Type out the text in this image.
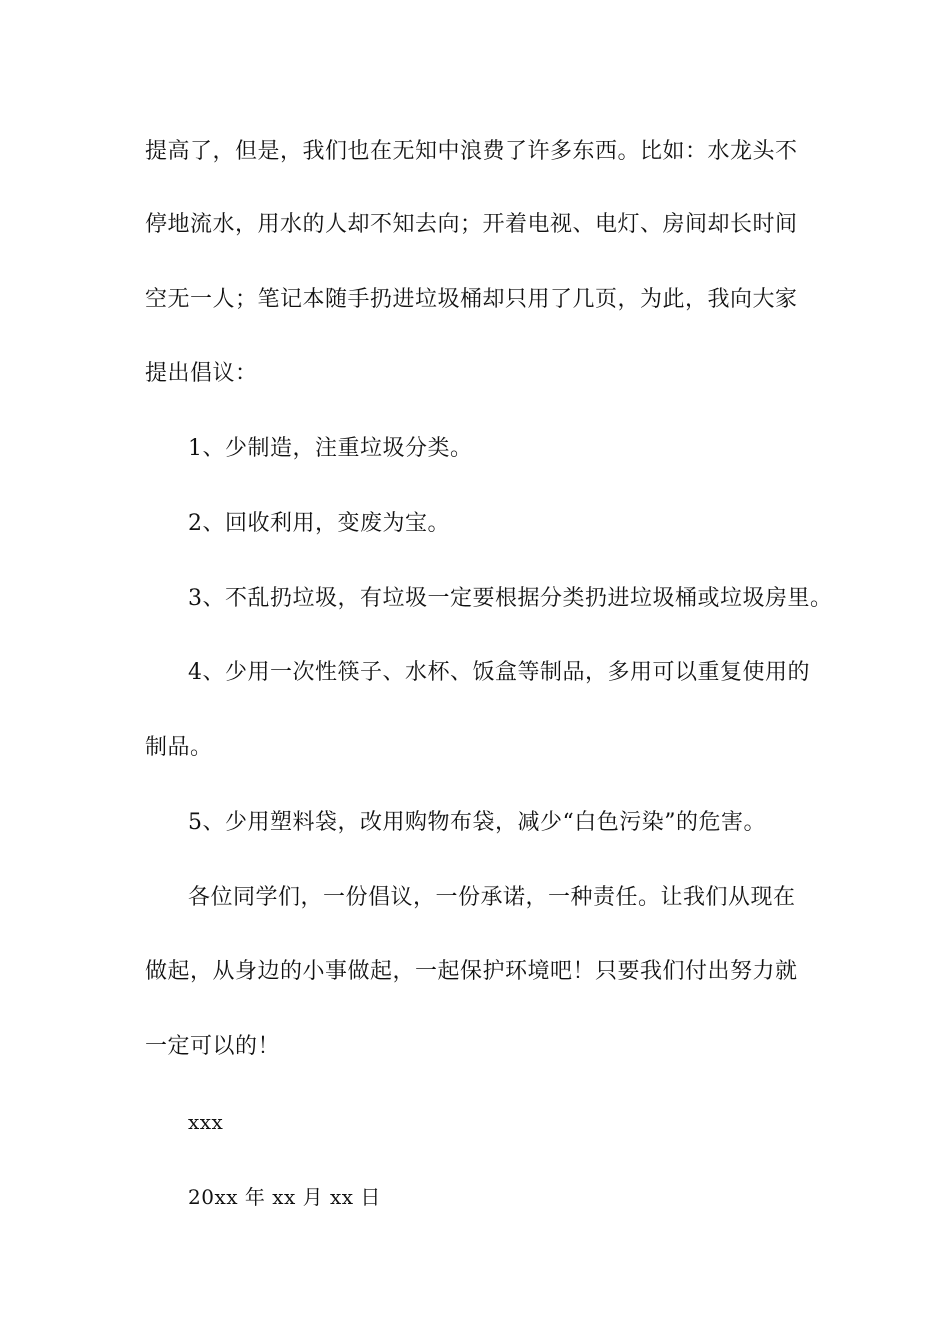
提高了，但是，我们也在无知中浪费了许多东西。比如：水龙头不
停地流水，用水的人却不知去向；开着电视、电灯、房间却长时间
空无一人；笔记本随手扔进垃圾桶却只用了几页，为此，我向大家
提出倡议：
1、少制造，注重垃圾分类。
2、回收利用，变废为宝。
3、不乱扔垃圾，有垃圾一定要根据分类扔进垃圾桶或垃圾房里。
4、少用一次性筷子、水杯、饭盒等制品，多用可以重复使用的
制品。
5、少用塑料袋，改用购物布袋，减少“白色污染”的危害。
各位同学们，一份倡议，一份承诺，一种责任。让我们从现在
做起，从身边的小事做起，一起保护环境吧！只要我们付出努力就
一定可以的！
xxx
20xx 年 xx 月 xx 日
